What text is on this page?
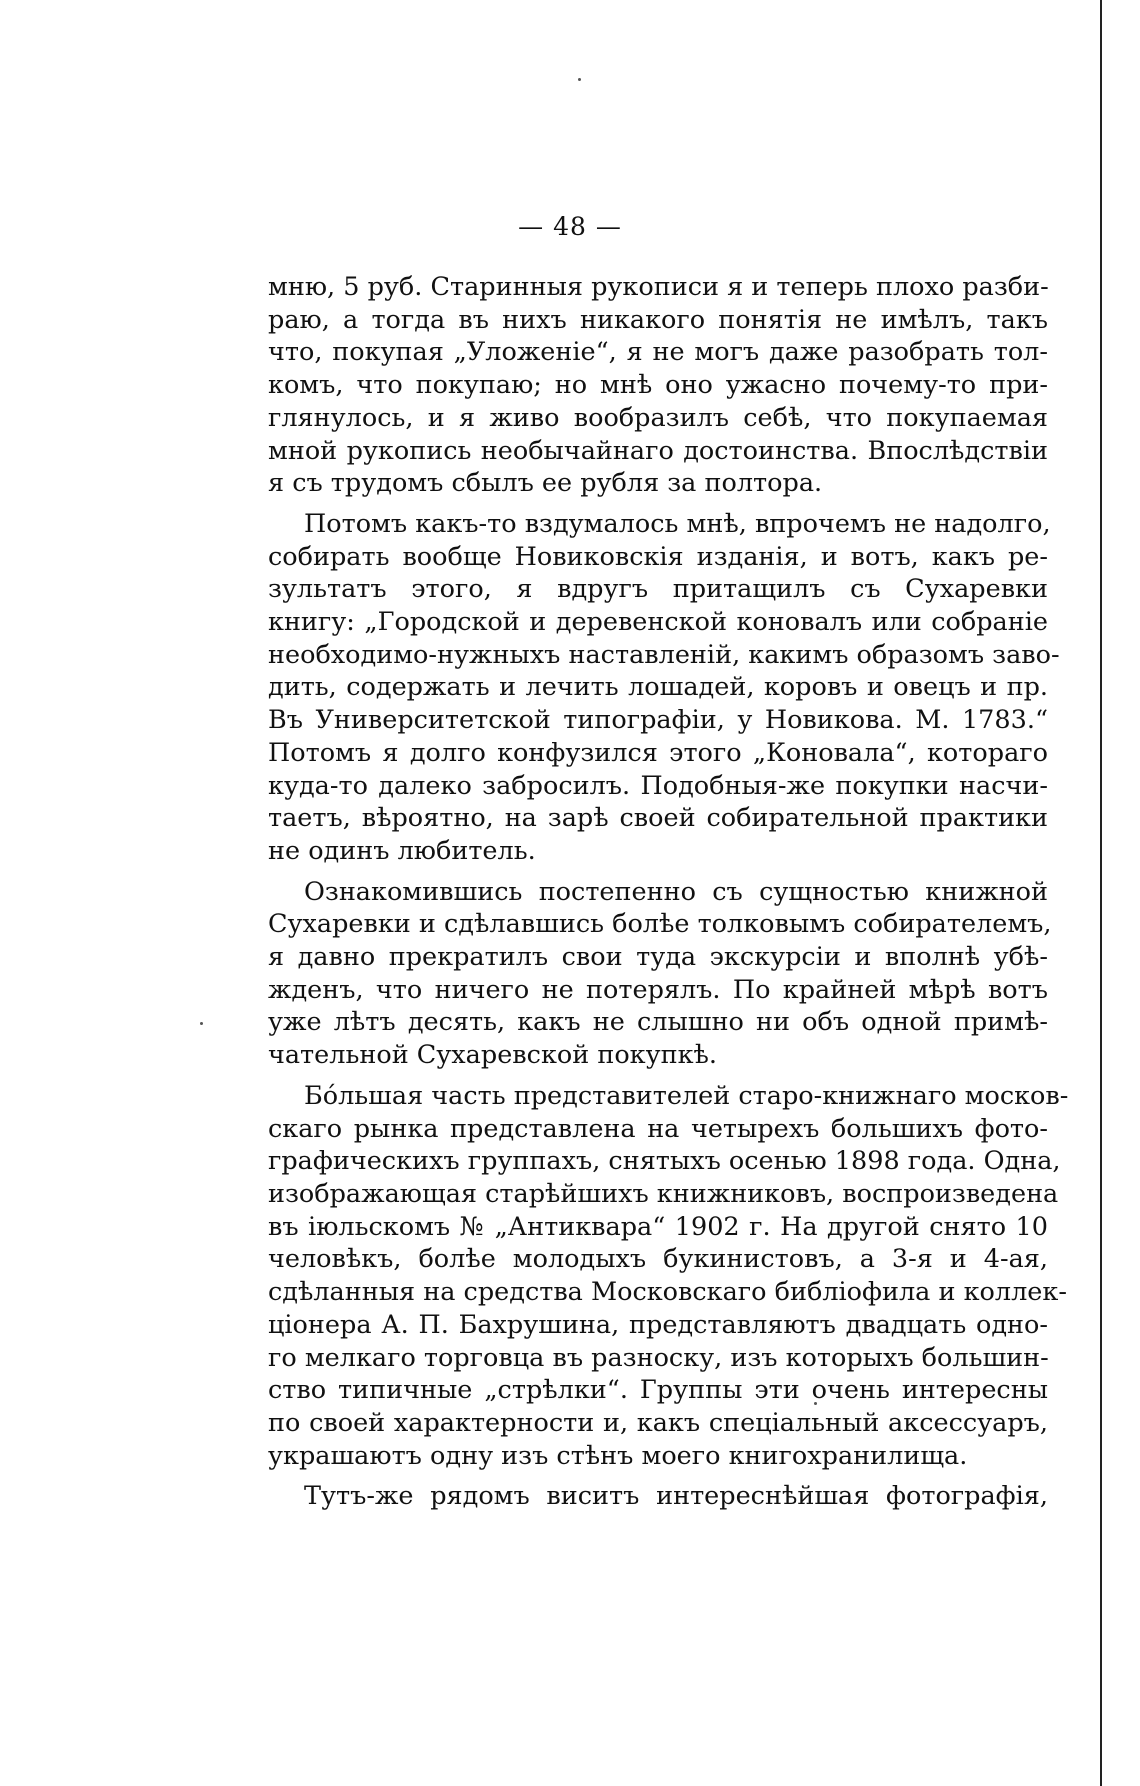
— 48 —

мню, 5 руб. Старинныя рукописи я и теперь плохо разби-
раю, а тогда въ нихъ никакого понятія не имѣлъ, такъ
что, покупая „Уложеніе“, я не могъ даже разобрать тол-
комъ, что покупаю; но мнѣ оно ужасно почему-то при-
глянулось, и я живо вообразилъ себѣ, что покупаемая
мной рукопись необычайнаго достоинства. Впослѣдствіи
я съ трудомъ сбылъ ее рубля за полтора.

Потомъ какъ-то вздумалось мнѣ, впрочемъ не надолго,
собирать вообще Новиковскія изданія, и вотъ, какъ ре-
зультатъ этого, я вдругъ притащилъ съ Сухаревки
книгу: „Городской и деревенской коновалъ или собраніе
необходимо-нужныхъ наставленій, какимъ образомъ заво-
дить, содержать и лечить лошадей, коровъ и овецъ и пр.
Въ Университетской типографіи, у Новикова. М. 1783.“
Потомъ я долго конфузился этого „Коновала“, котораго
куда-то далеко забросилъ. Подобныя-же покупки насчи-
таетъ, вѣроятно, на зарѣ своей собирательной практики
не одинъ любитель.

Ознакомившись постепенно съ сущностью книжной
Сухаревки и сдѣлавшись болѣе толковымъ собирателемъ,
я давно прекратилъ свои туда экскурсіи и вполнѣ убѣ-
жденъ, что ничего не потерялъ. По крайней мѣрѣ вотъ
уже лѣтъ десять, какъ не слышно ни объ одной примѣ-
чательной Сухаревской покупкѣ.

Бóльшая часть представителей старо-книжнаго москов-
скаго рынка представлена на четырехъ большихъ фото-
графическихъ группахъ, снятыхъ осенью 1898 года. Одна,
изображающая старѣйшихъ книжниковъ, воспроизведена
въ іюльскомъ № „Антиквара“ 1902 г. На другой снято 10
человѣкъ, болѣе молодыхъ букинистовъ, а 3-я и 4-ая,
сдѣланныя на средства Московскаго библіофила и коллек-
ціонера А. П. Бахрушина, представляютъ двадцать одно-
го мелкаго торговца въ разноску, изъ которыхъ большин-
ство типичные „стрѣлки“. Группы эти очень интересны
по своей характерности и, какъ спеціальный аксессуаръ,
украшаютъ одну изъ стѣнъ моего книгохранилища.

Тутъ-же рядомъ виситъ интереснѣйшая фотографія,
